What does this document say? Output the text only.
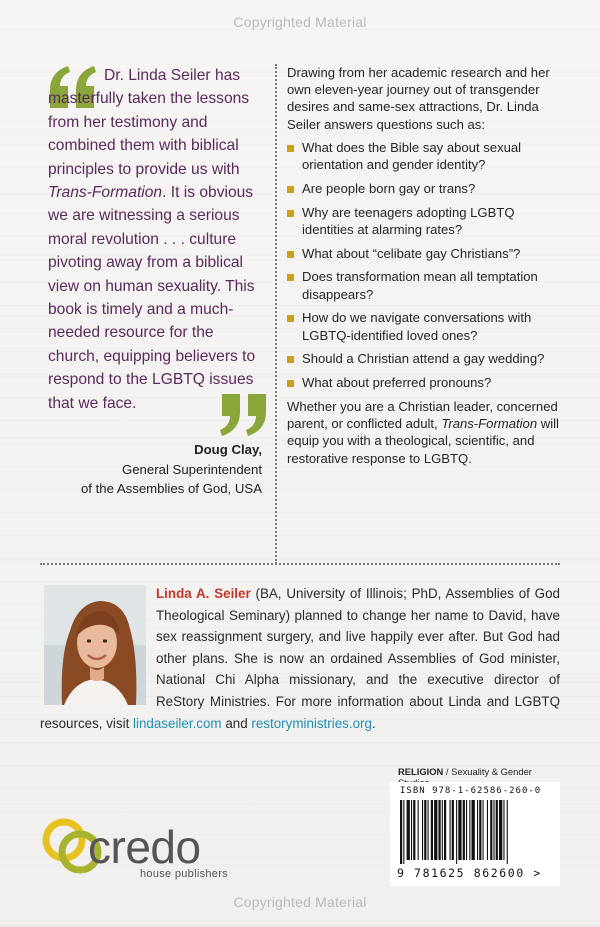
Copyrighted Material
Dr. Linda Seiler has masterfully taken the lessons from her testimony and combined them with biblical principles to provide us with Trans-Formation. It is obvious we are witnessing a serious moral revolution . . . culture pivoting away from a biblical view on human sexuality. This book is timely and a much-needed resource for the church, equipping believers to respond to the LGBTQ issues that we face.
Doug Clay,
General Superintendent
of the Assemblies of God, USA
Drawing from her academic research and her own eleven-year journey out of transgender desires and same-sex attractions, Dr. Linda Seiler answers questions such as:
What does the Bible say about sexual orientation and gender identity?
Are people born gay or trans?
Why are teenagers adopting LGBTQ identities at alarming rates?
What about “celibate gay Christians”?
Does transformation mean all temptation disappears?
How do we navigate conversations with LGBTQ-identified loved ones?
Should a Christian attend a gay wedding?
What about preferred pronouns?
Whether you are a Christian leader, concerned parent, or conflicted adult, Trans-Formation will equip you with a theological, scientific, and restorative response to LGBTQ.
Linda A. Seiler (BA, University of Illinois; PhD, Assemblies of God Theological Seminary) planned to change her name to David, have sex reassignment surgery, and live happily ever after. But God had other plans. She is now an ordained Assemblies of God minister, National Chi Alpha missionary, and the executive director of ReStory Ministries. For more information about Linda and LGBTQ resources, visit lindaseiler.com and restoryministries.org.
credo
house publishers
RELIGION / Sexuality & Gender
ISBN 978-1-62586-260-0
9 781625 862600 >
Copyrighted Material
